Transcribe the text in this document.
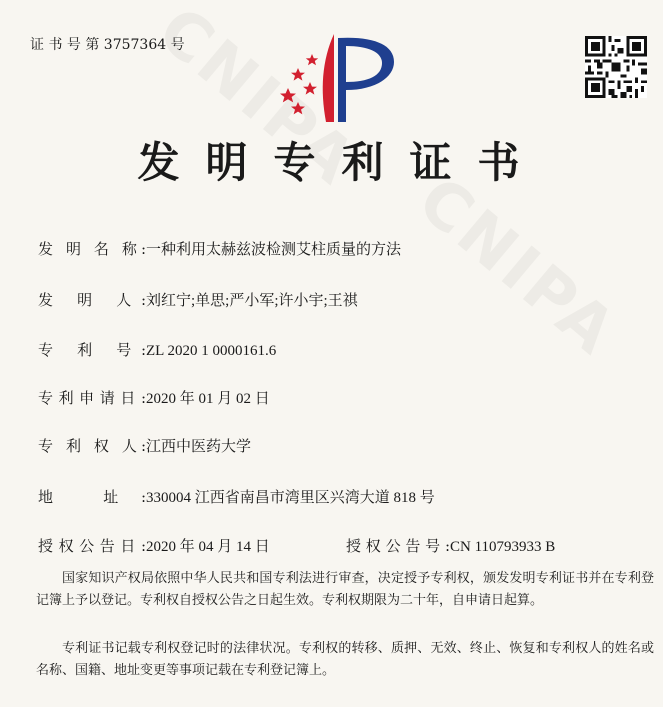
证 书 号 第 3757364 号
发明专利证书
发 明 名 称:一种利用太赫兹波检测艾柱质量的方法
发 明 人:刘红宁;单思;严小军;许小宇;王祺
专 利 号:ZL 2020 1 0000161.6
专利申请日:2020 年 01 月 02 日
专 利 权 人:江西中医药大学
地 址:330004 江西省南昌市湾里区兴湾大道 818 号
授权公告日:2020 年 04 月 14 日	授权公告号:CN 110793933 B
国家知识产权局依照中华人民共和国专利法进行审查，决定授予专利权，颁发发明专利证书并在专利登记簿上予以登记。专利权自授权公告之日起生效。专利权期限为二十年，自申请日起算。
专利证书记载专利权登记时的法律状况。专利权的转移、质押、无效、终止、恢复和专利权人的姓名或名称、国籍、地址变更等事项记载在专利登记簿上。
